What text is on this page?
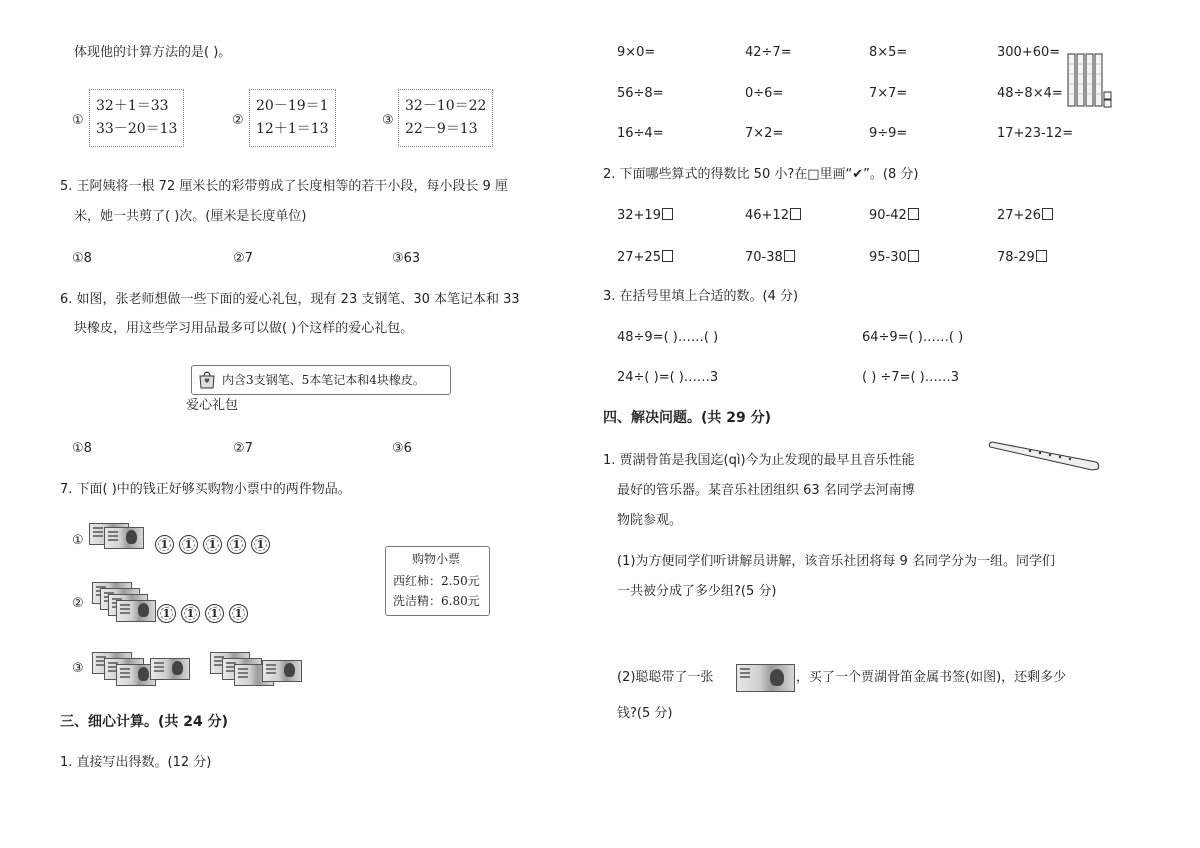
体现他的计算方法的是( )。
①
32＋1＝33
33－20＝13
②
20－19＝1
12＋1＝13
③
32－10＝22
22－9＝13
5. 王阿姨将一根 72 厘米长的彩带剪成了长度相等的若干小段，每小段长 9 厘
米，她一共剪了( )次。(厘米是长度单位)
①8	②7	③63
6. 如图，张老师想做一些下面的爱心礼包，现有 23 支钢笔、30 本笔记本和 33
块橡皮，用这些学习用品最多可以做( )个这样的爱心礼包。
内含3支钢笔、5本笔记本和4块橡皮。
爱心礼包
①8	②7	③6
7. 下面( )中的钱正好够买购物小票中的两件物品。
①	1	1	1	1	1
②
1	1	1	1
③
购物小票
西红柿：2.50元
洗洁精：6.80元
三、细心计算。(共 24 分)
1. 直接写出得数。(12 分)
9×0=	42÷7=	8×5=	300+60=
56÷8=	0÷6=	7×7=	48÷8×4=
16÷4=	7×2=	9÷9=	17+23-12=
2. 下面哪些算式的得数比 50 小?在□里画“✔”。(8 分)
32+19	46+12	90-42	27+26
27+25	70-38	95-30	78-29
3. 在括号里填上合适的数。(4 分)
48÷9=( )……( )	64÷9=( )……( )
24÷( )=( )……3	( ) ÷7=( )……3
四、解决问题。(共 29 分)
1. 贾湖骨笛是我国迄(qì)今为止发现的最早且音乐性能
最好的管乐器。某音乐社团组织 63 名同学去河南博
物院参观。
(1)为方便同学们听讲解员讲解，该音乐社团将每 9 名同学分为一组。同学们
一共被分成了多少组?(5 分)
(2)聪聪带了一张	，买了一个贾湖骨笛金属书签(如图)，还剩多少
钱?(5 分)
